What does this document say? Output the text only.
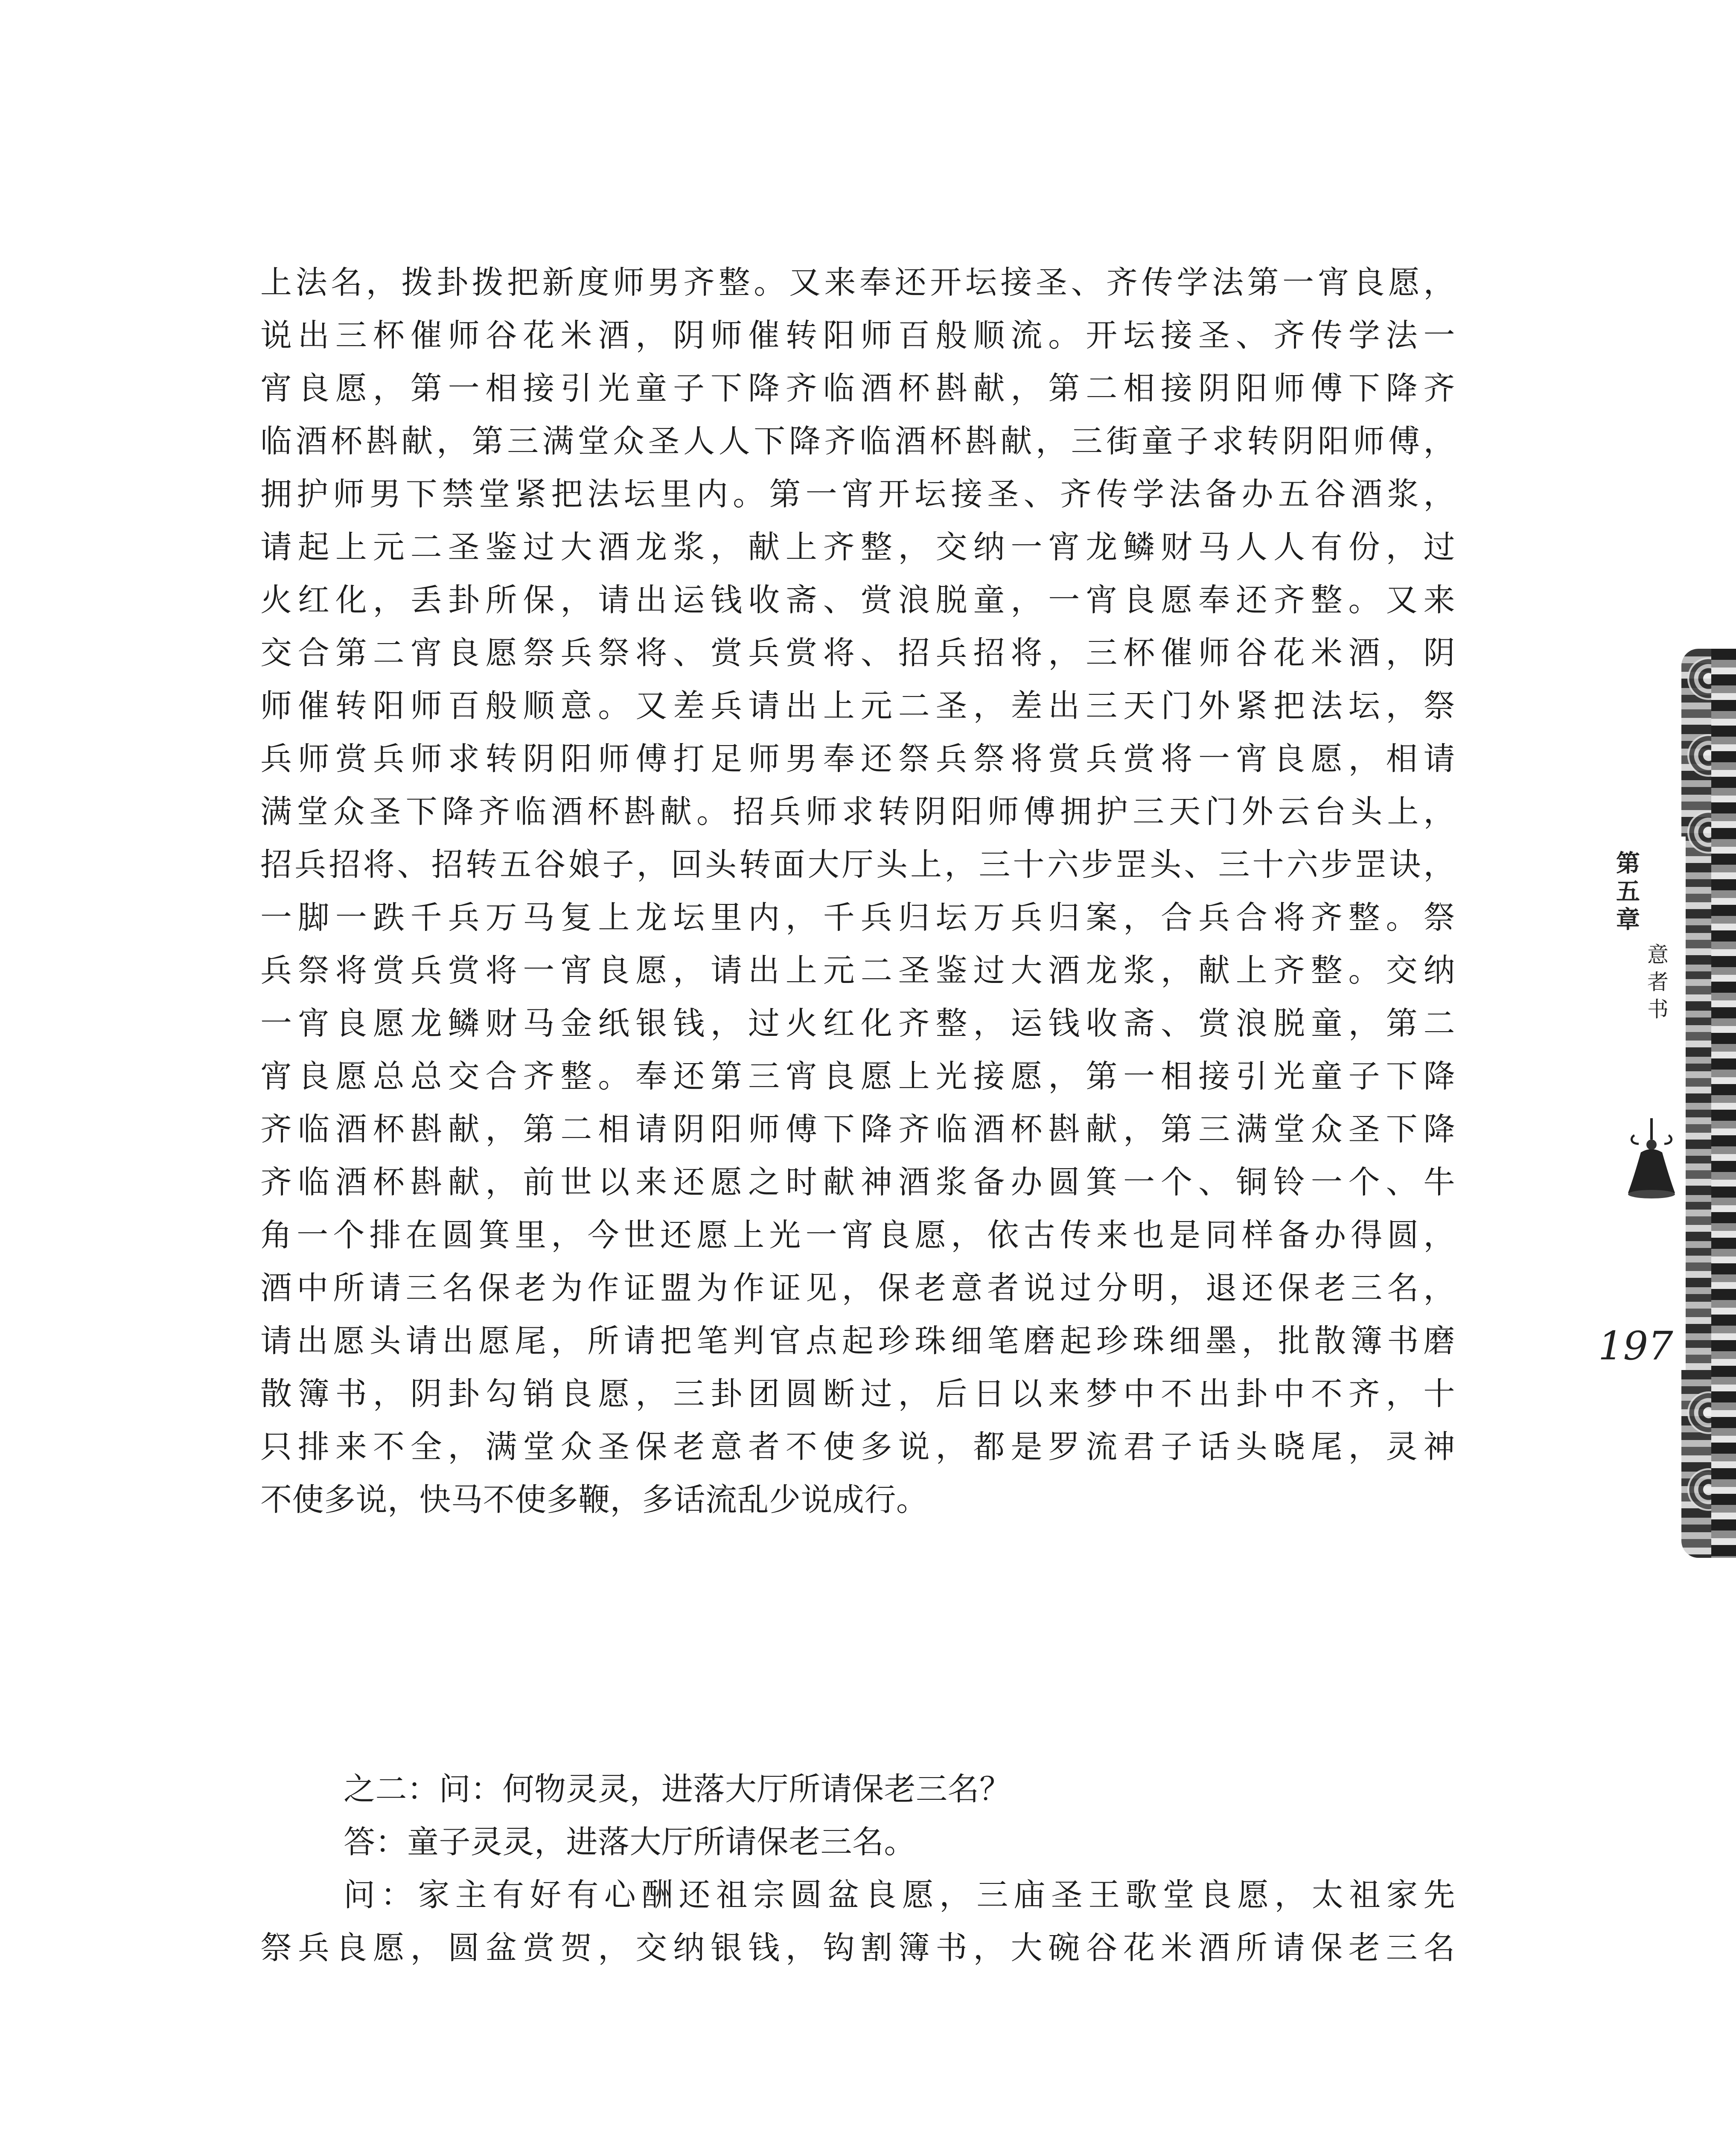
上法名，拨卦拨把新度师男齐整。又来奉还开坛接圣、齐传学法第一宵良愿，
说出三杯催师谷花米酒，阴师催转阳师百般顺流。开坛接圣、齐传学法一
宵良愿，第一相接引光童子下降齐临酒杯斟献，第二相接阴阳师傅下降齐
临酒杯斟献，第三满堂众圣人人下降齐临酒杯斟献，三街童子求转阴阳师傅，
拥护师男下禁堂紧把法坛里内。第一宵开坛接圣、齐传学法备办五谷酒浆，
请起上元二圣鉴过大酒龙浆，献上齐整，交纳一宵龙鳞财马人人有份，过
火红化，丢卦所保，请出运钱收斋、赏浪脱童，一宵良愿奉还齐整。又来
交合第二宵良愿祭兵祭将、赏兵赏将、招兵招将，三杯催师谷花米酒，阴
师催转阳师百般顺意。又差兵请出上元二圣，差出三天门外紧把法坛，祭
兵师赏兵师求转阴阳师傅打足师男奉还祭兵祭将赏兵赏将一宵良愿，相请
满堂众圣下降齐临酒杯斟献。招兵师求转阴阳师傅拥护三天门外云台头上，
招兵招将、招转五谷娘子，回头转面大厅头上，三十六步罡头、三十六步罡诀，
一脚一跌千兵万马复上龙坛里内，千兵归坛万兵归案，合兵合将齐整。祭
兵祭将赏兵赏将一宵良愿，请出上元二圣鉴过大酒龙浆，献上齐整。交纳
一宵良愿龙鳞财马金纸银钱，过火红化齐整，运钱收斋、赏浪脱童，第二
宵良愿总总交合齐整。奉还第三宵良愿上光接愿，第一相接引光童子下降
齐临酒杯斟献，第二相请阴阳师傅下降齐临酒杯斟献，第三满堂众圣下降
齐临酒杯斟献，前世以来还愿之时献神酒浆备办圆箕一个、铜铃一个、牛
角一个排在圆箕里，今世还愿上光一宵良愿，依古传来也是同样备办得圆，
酒中所请三名保老为作证盟为作证见，保老意者说过分明，退还保老三名，
请出愿头请出愿尾，所请把笔判官点起珍珠细笔磨起珍珠细墨，批散簿书磨
散簿书，阴卦勾销良愿，三卦团圆断过，后日以来梦中不出卦中不齐，十
只排来不全，满堂众圣保老意者不使多说，都是罗流君子话头晓尾，灵神
不使多说，快马不使多鞭，多话流乱少说成行。
之二：问：何物灵灵，进落大厅所请保老三名？
答：童子灵灵，进落大厅所请保老三名。
问：家主有好有心酬还祖宗圆盆良愿，三庙圣王歌堂良愿，太祖家先
祭兵良愿，圆盆赏贺，交纳银钱，钩割簿书，大碗谷花米酒所请保老三名
第
五
章
意
者
书
197
